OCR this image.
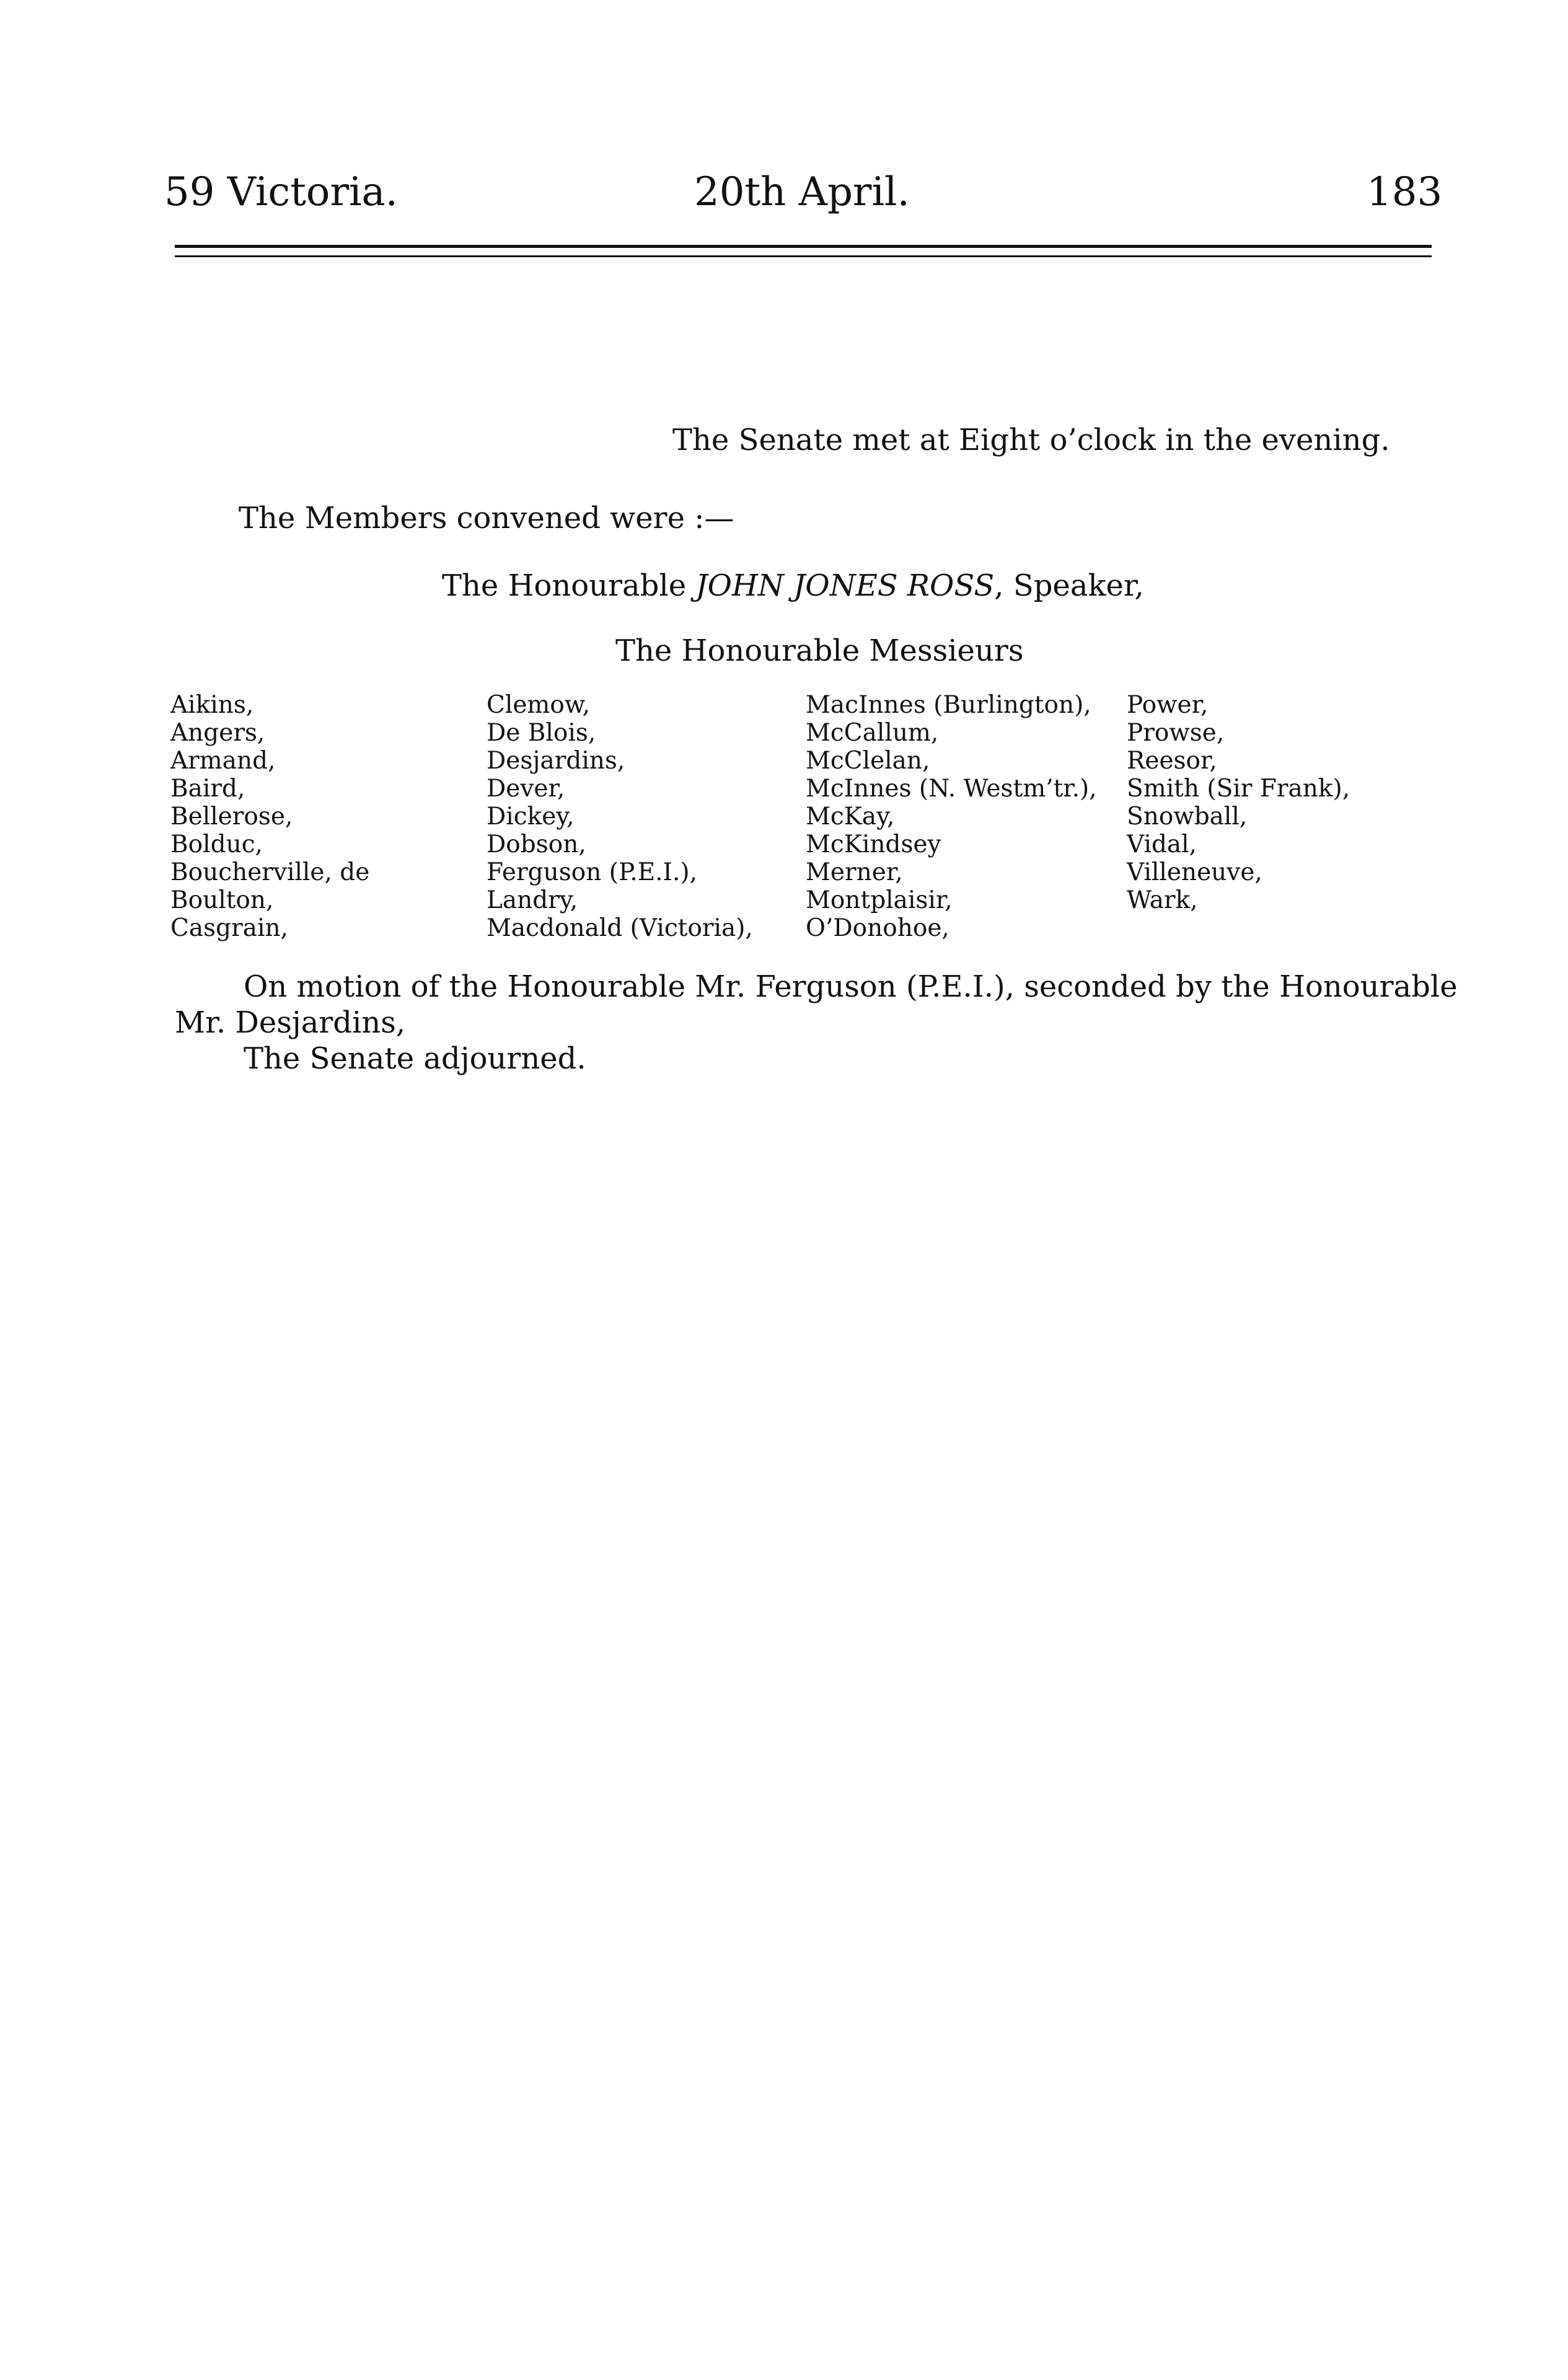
59 Victoria.	20th April.	183
The Senate met at Eight o’clock in the evening.
The Members convened were :—
The Honourable JOHN JONES ROSS, Speaker,
The Honourable Messieurs
Aikins,
Angers,
Armand,
Baird,
Bellerose,
Bolduc,
Boucherville, de
Boulton,
Casgrain,
Clemow,
De Blois,
Desjardins,
Dever,
Dickey,
Dobson,
Ferguson (P.E.I.),
Landry,
Macdonald (Victoria),
MacInnes (Burlington),
McCallum,
McClelan,
McInnes (N. Westm’tr.),
McKay,
McKindsey
Merner,
Montplaisir,
O’Donohoe,
Power,
Prowse,
Reesor,
Smith (Sir Frank),
Snowball,
Vidal,
Villeneuve,
Wark,
On motion of the Honourable Mr. Ferguson (P.E.I.), seconded by the Honourable
Mr. Desjardins,
The Senate adjourned.
